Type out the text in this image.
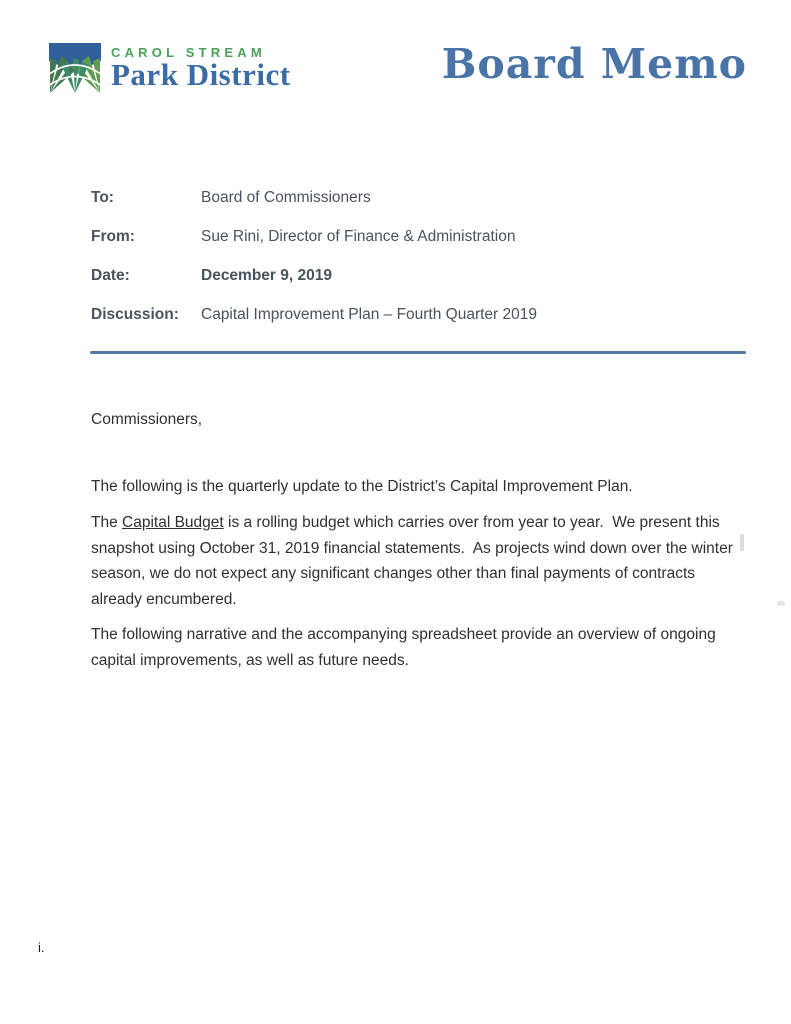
CAROL STREAM
Park District	Board Memo
To:	Board of Commissioners
From:	Sue Rini, Director of Finance & Administration
Date:	December 9, 2019
Discussion:	Capital Improvement Plan – Fourth Quarter 2019

Commissioners,

The following is the quarterly update to the District’s Capital Improvement Plan.

The Capital Budget is a rolling budget which carries over from year to year.  We present this snapshot using October 31, 2019 financial statements.  As projects wind down over the winter season, we do not expect any significant changes other than final payments of contracts already encumbered.

The following narrative and the accompanying spreadsheet provide an overview of ongoing capital improvements, as well as future needs.

i.
